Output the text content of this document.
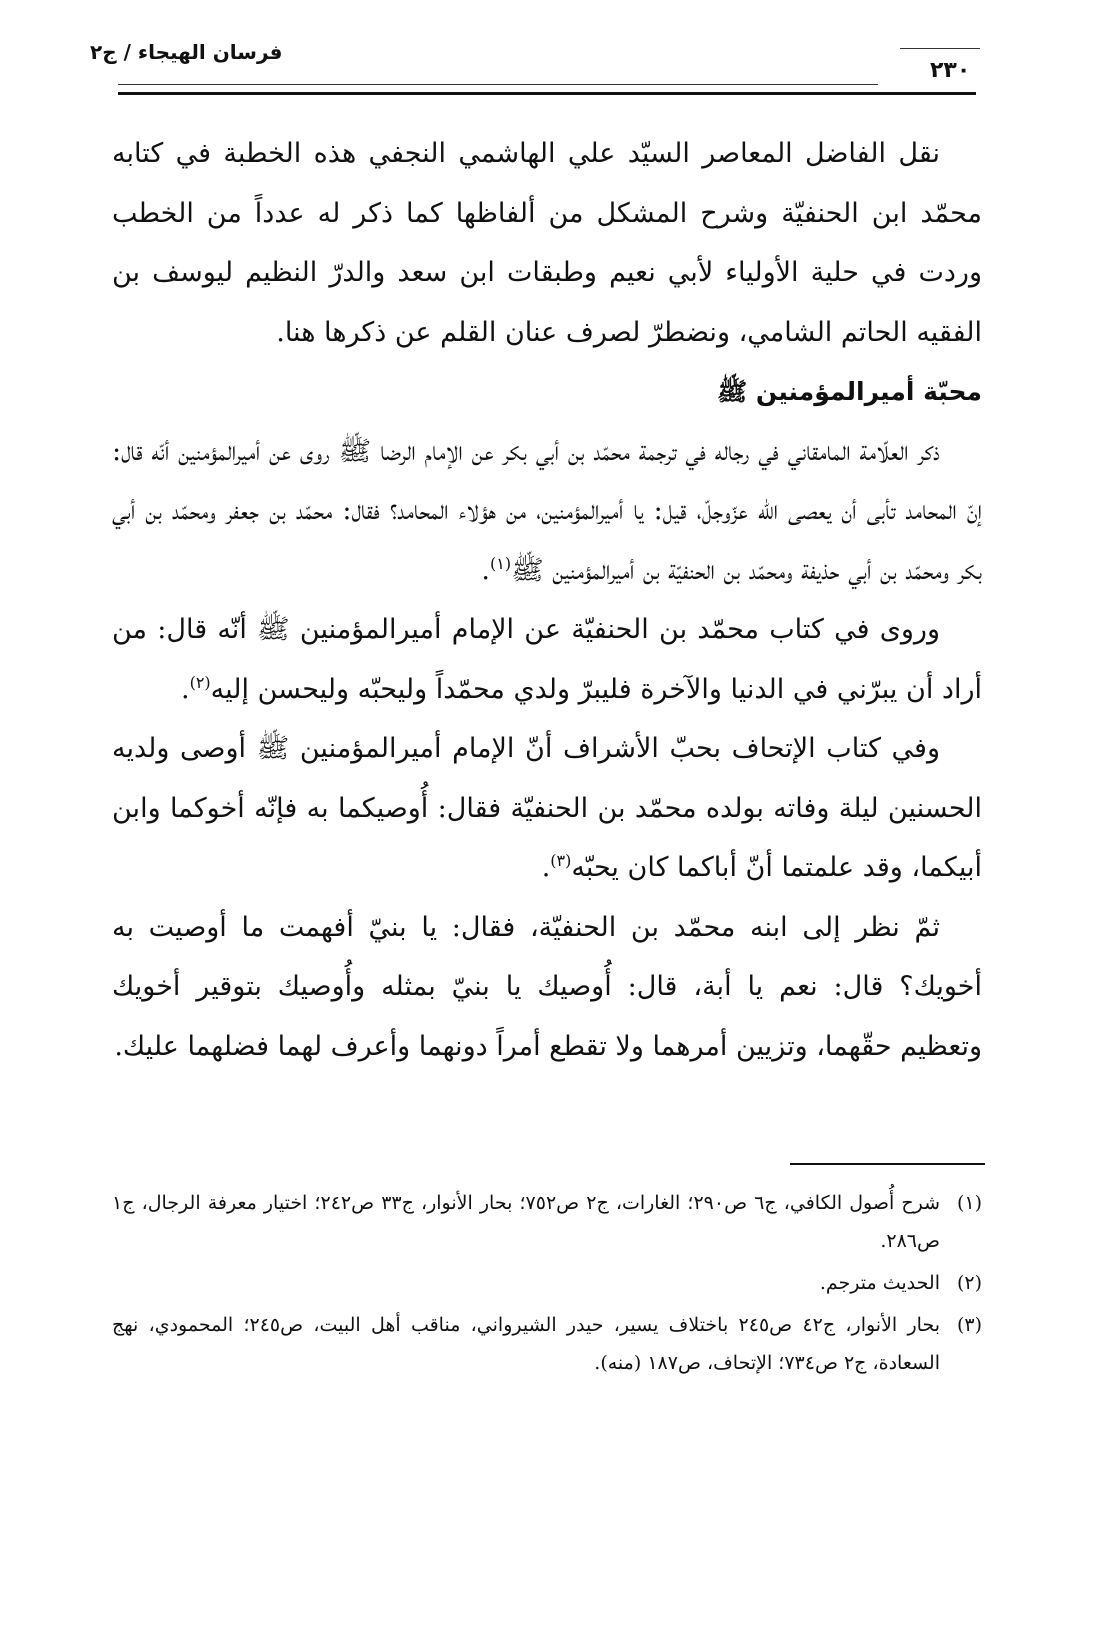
فرسان الهيجاء / ج٢
٢٣٠

نقل الفاضل المعاصر السيّد علي الهاشمي النجفي هذه الخطبة في كتابه محمّد ابن الحنفيّة وشرح المشكل من ألفاظها كما ذكر له عدداً من الخطب وردت في حلية الأولياء لأبي نعيم وطبقات ابن سعد والدرّ النظيم ليوسف بن الفقيه الحاتم الشامي، ونضطرّ لصرف عنان القلم عن ذكرها هنا.

محبّة أميرالمؤمنين ﷺ

ذكر العلّامة المامقاني في رجاله في ترجمة محمّد بن أبي بكر عن الإمام الرضا ﷺ روى عن أميرالمؤمنين أنّه قال: إنّ المحامد تأبى أن يعصى الله عزّوجلّ، قيل: يا أميرالمؤمنين، من هؤلاء المحامد؟ فقال: محمّد بن جعفر ومحمّد بن أبي بكر ومحمّد بن أبي حذيفة ومحمّد بن الحنفيّة بن أميرالمؤمنين ﷺ$^{(١)}$.

وروى في كتاب محمّد بن الحنفيّة عن الإمام أميرالمؤمنين ﷺ أنّه قال: من أراد أن يبرّني في الدنيا والآخرة فليبرّ ولدي محمّداً وليحبّه وليحسن إليه$^{(٢)}$.

وفي كتاب الإتحاف بحبّ الأشراف أنّ الإمام أميرالمؤمنين ﷺ أوصى ولديه الحسنين ليلة وفاته بولده محمّد بن الحنفيّة فقال: أُوصيكما به فإنّه أخوكما وابن أبيكما، وقد علمتما أنّ أباكما كان يحبّه$^{(٣)}$.

ثمّ نظر إلى ابنه محمّد بن الحنفيّة، فقال: يا بنيّ أفهمت ما أوصيت به أخويك؟ قال: نعم يا أبة، قال: أُوصيك يا بنيّ بمثله وأُوصيك بتوقير أخويك وتعظيم حقّهما، وتزيين أمرهما ولا تقطع أمراً دونهما وأعرف لهما فضلهما عليك.

(١)
شرح أُصول الكافي، ج٦ ص٢٩٠؛ الغارات، ج٢ ص٧٥٢؛ بحار الأنوار، ج٣٣ ص٢٤٢؛ اختيار معرفة الرجال، ج١ ص٢٨٦.

(٢)
الحديث مترجم.

(٣)
بحار الأنوار، ج٤٢ ص٢٤٥ باختلاف يسير، حيدر الشيرواني، مناقب أهل البيت، ص٢٤٥؛ المحمودي، نهج السعادة، ج٢ ص٧٣٤؛ الإتحاف، ص١٨٧ (منه).
